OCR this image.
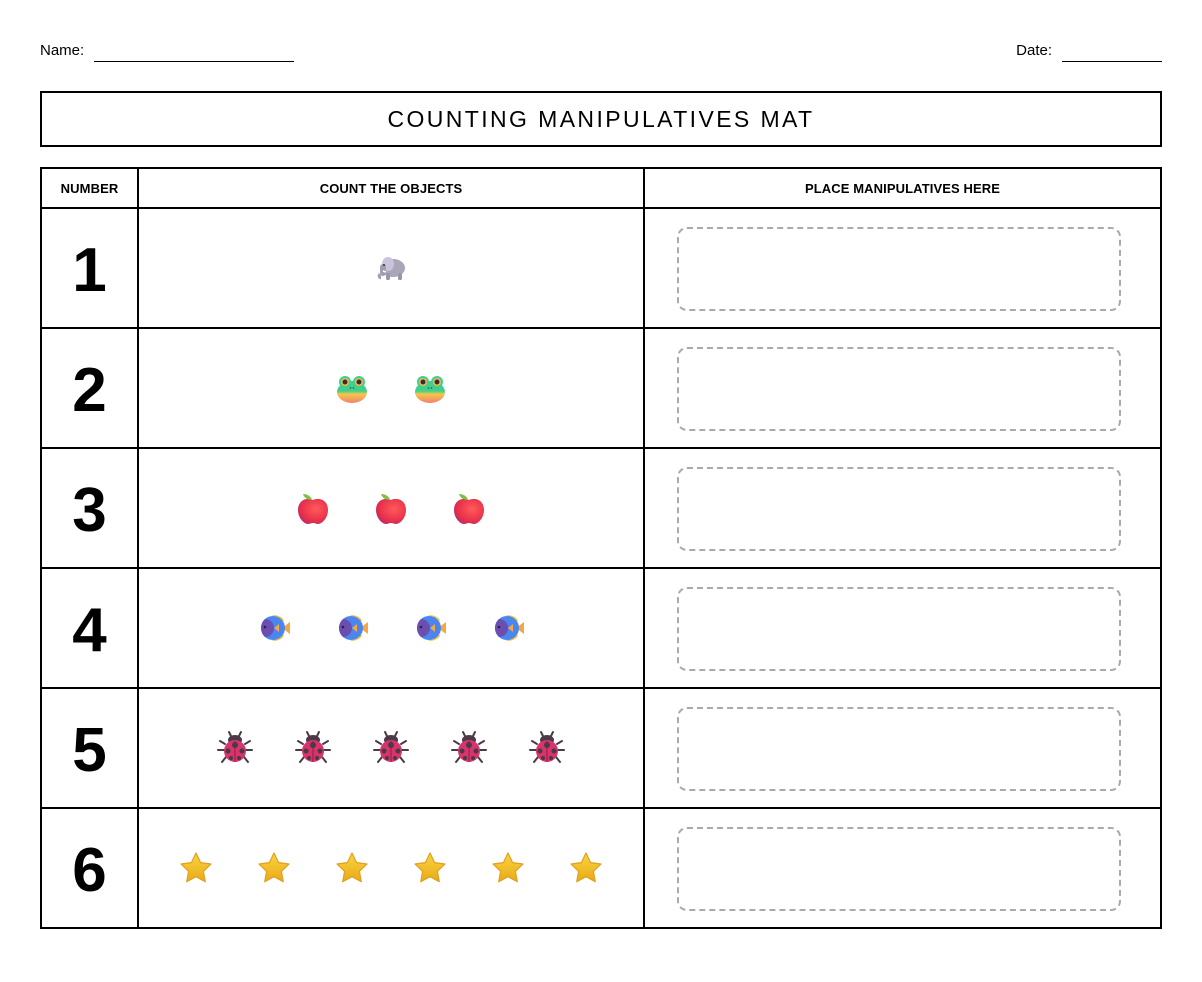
Name:	Date:
COUNTING MANIPULATIVES MAT
NUMBER	COUNT THE OBJECTS	PLACE MANIPULATIVES HERE
1	

2	

3	

4	

5	

6	
